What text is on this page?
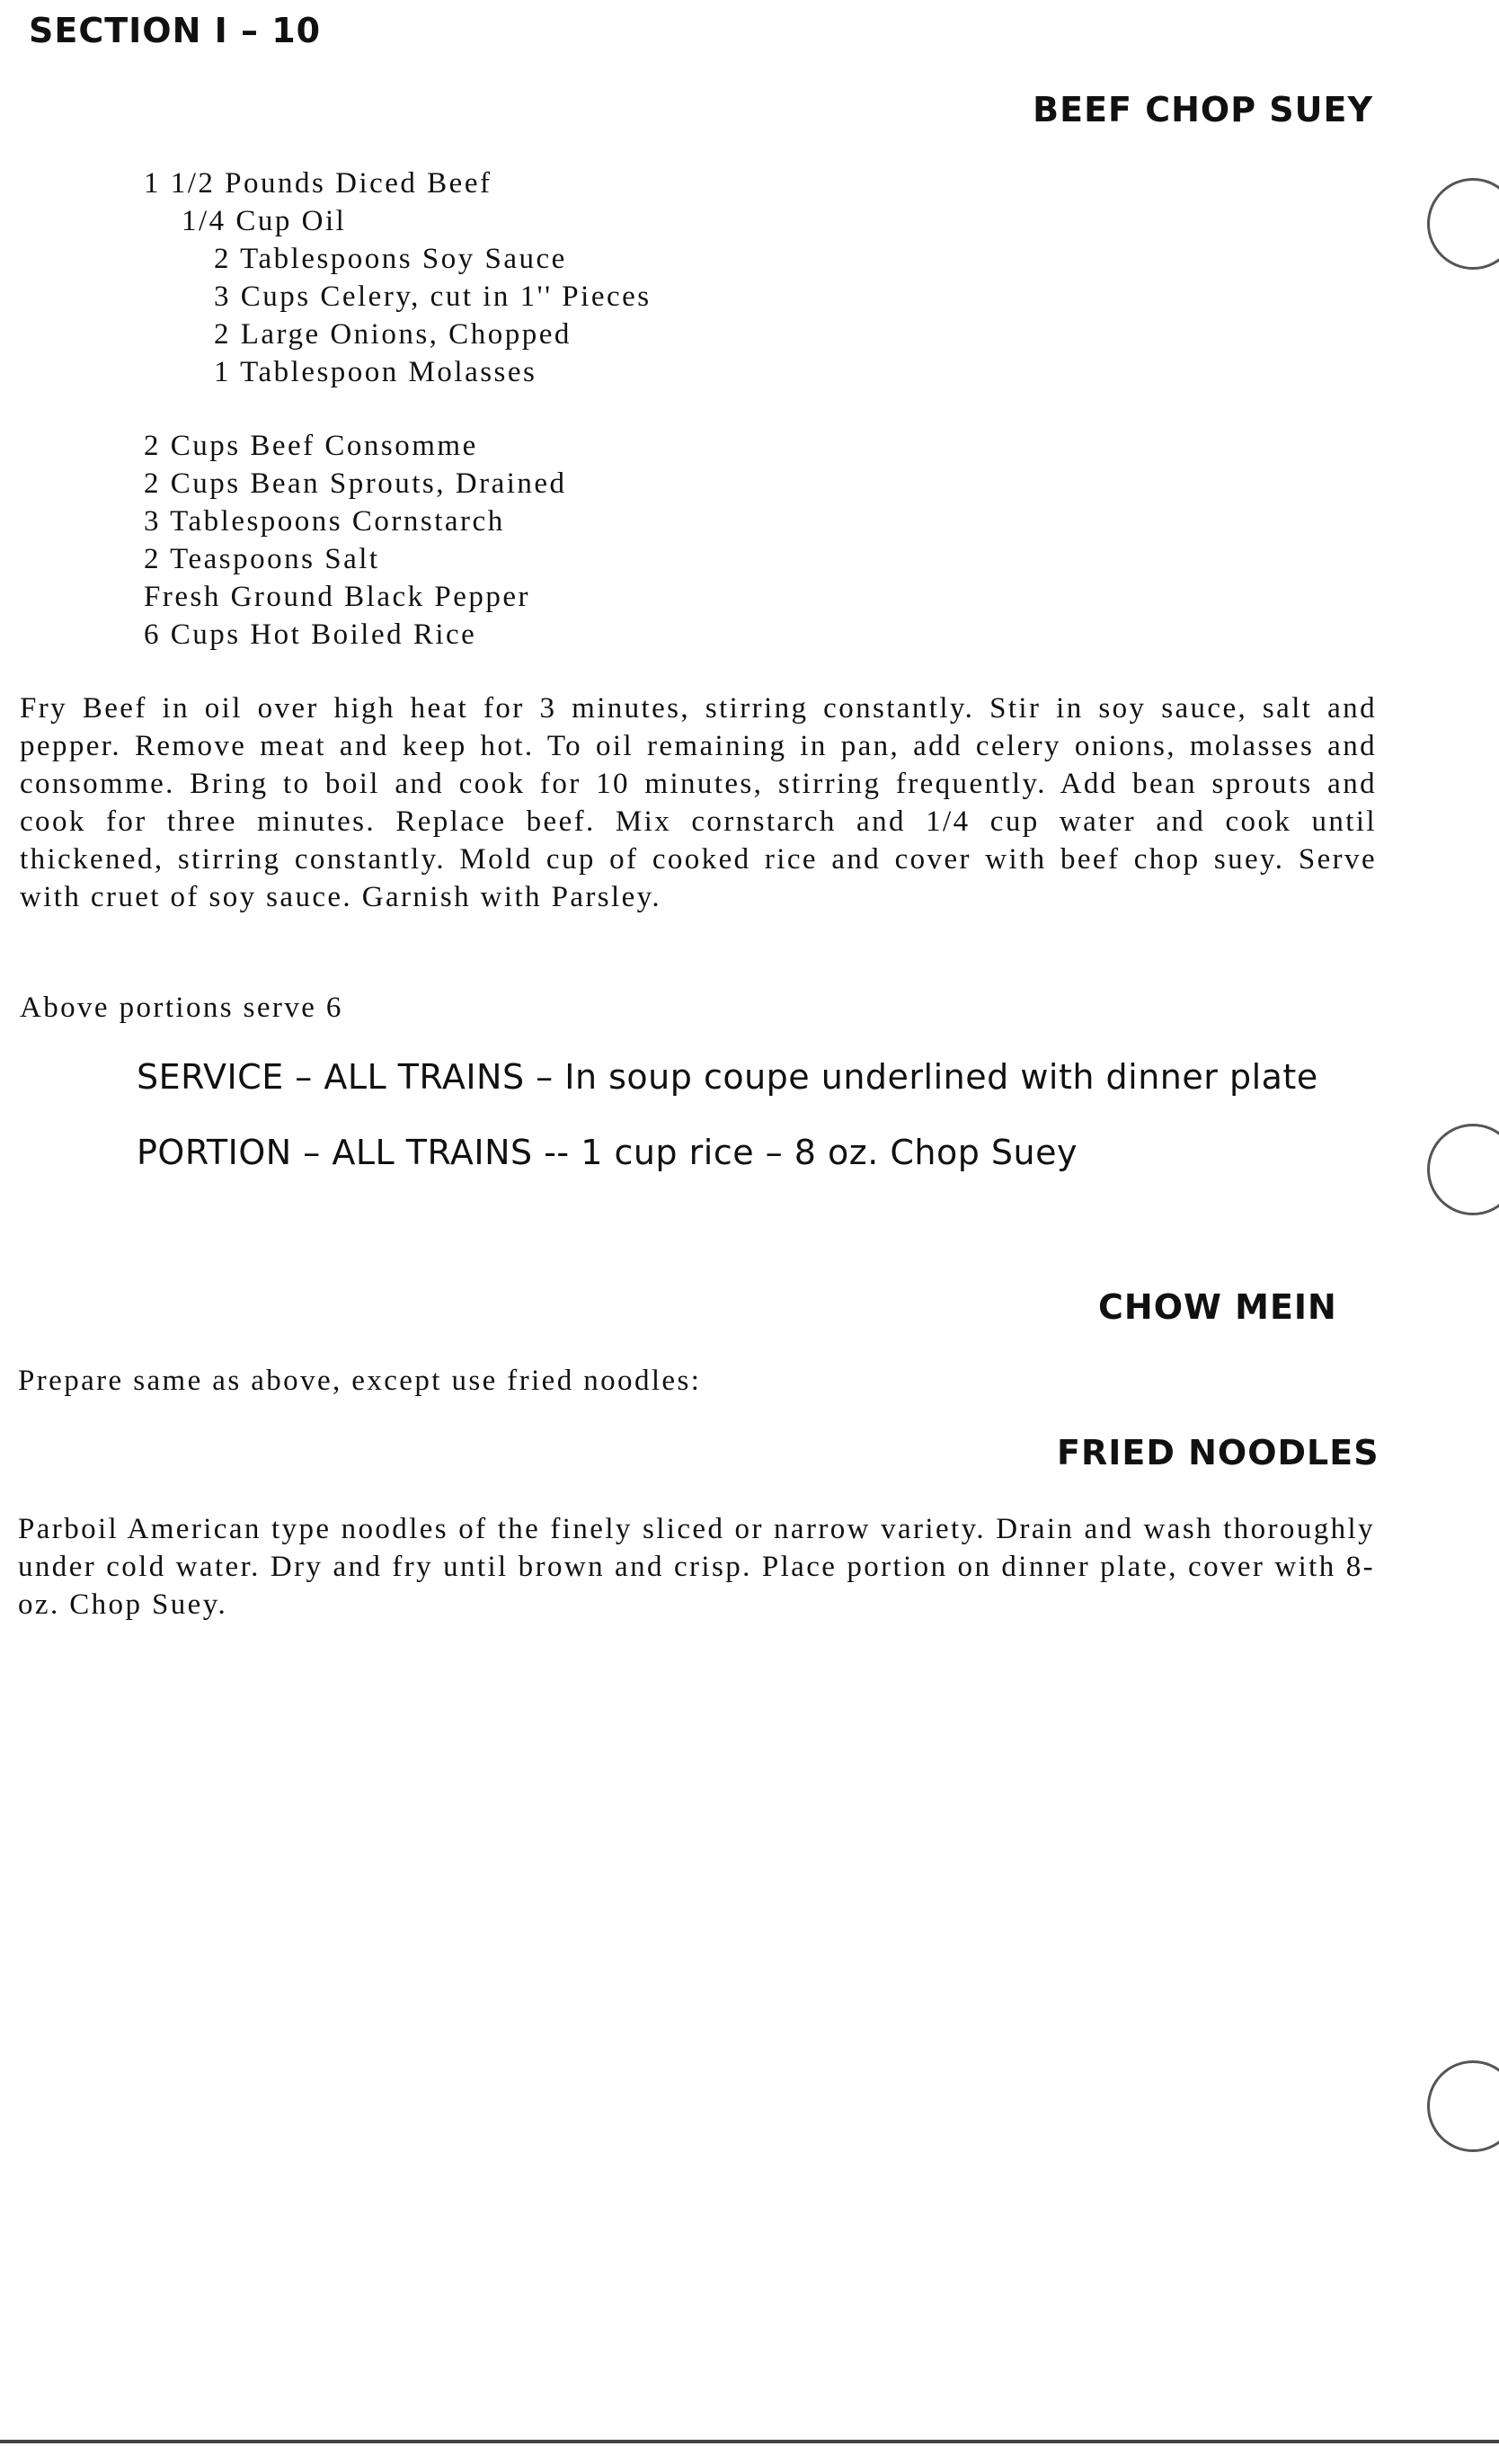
SECTION I – 10
BEEF CHOP SUEY
1 1/2 Pounds Diced Beef
1/4 Cup Oil
2 Tablespoons Soy Sauce
3 Cups Celery, cut in 1'' Pieces
2 Large Onions, Chopped
1 Tablespoon Molasses
2 Cups Beef Consomme
2 Cups Bean Sprouts, Drained
3 Tablespoons Cornstarch
2 Teaspoons Salt
Fresh Ground Black Pepper
6 Cups Hot Boiled Rice

Fry Beef in oil over high heat for 3 minutes, stirring constantly. Stir in soy sauce, salt and pepper. Remove meat and keep hot. To oil remaining in pan, add celery onions, molasses and consomme. Bring to boil and cook for 10 minutes, stirring frequently. Add bean sprouts and cook for three minutes. Replace beef. Mix cornstarch and 1/4 cup water and cook until thickened, stirring constantly. Mold cup of cooked rice and cover with beef chop suey. Serve with cruet of soy sauce. Garnish with Parsley.

Above portions serve 6

SERVICE – ALL TRAINS – In soup coupe underlined with dinner plate
PORTION – ALL TRAINS -- 1 cup rice – 8 oz. Chop Suey
CHOW MEIN

Prepare same as above, except use fried noodles:

FRIED NOODLES

Parboil American type noodles of the finely sliced or narrow variety. Drain and wash thoroughly under cold water. Dry and fry until brown and crisp. Place portion on dinner plate, cover with 8-oz. Chop Suey.
